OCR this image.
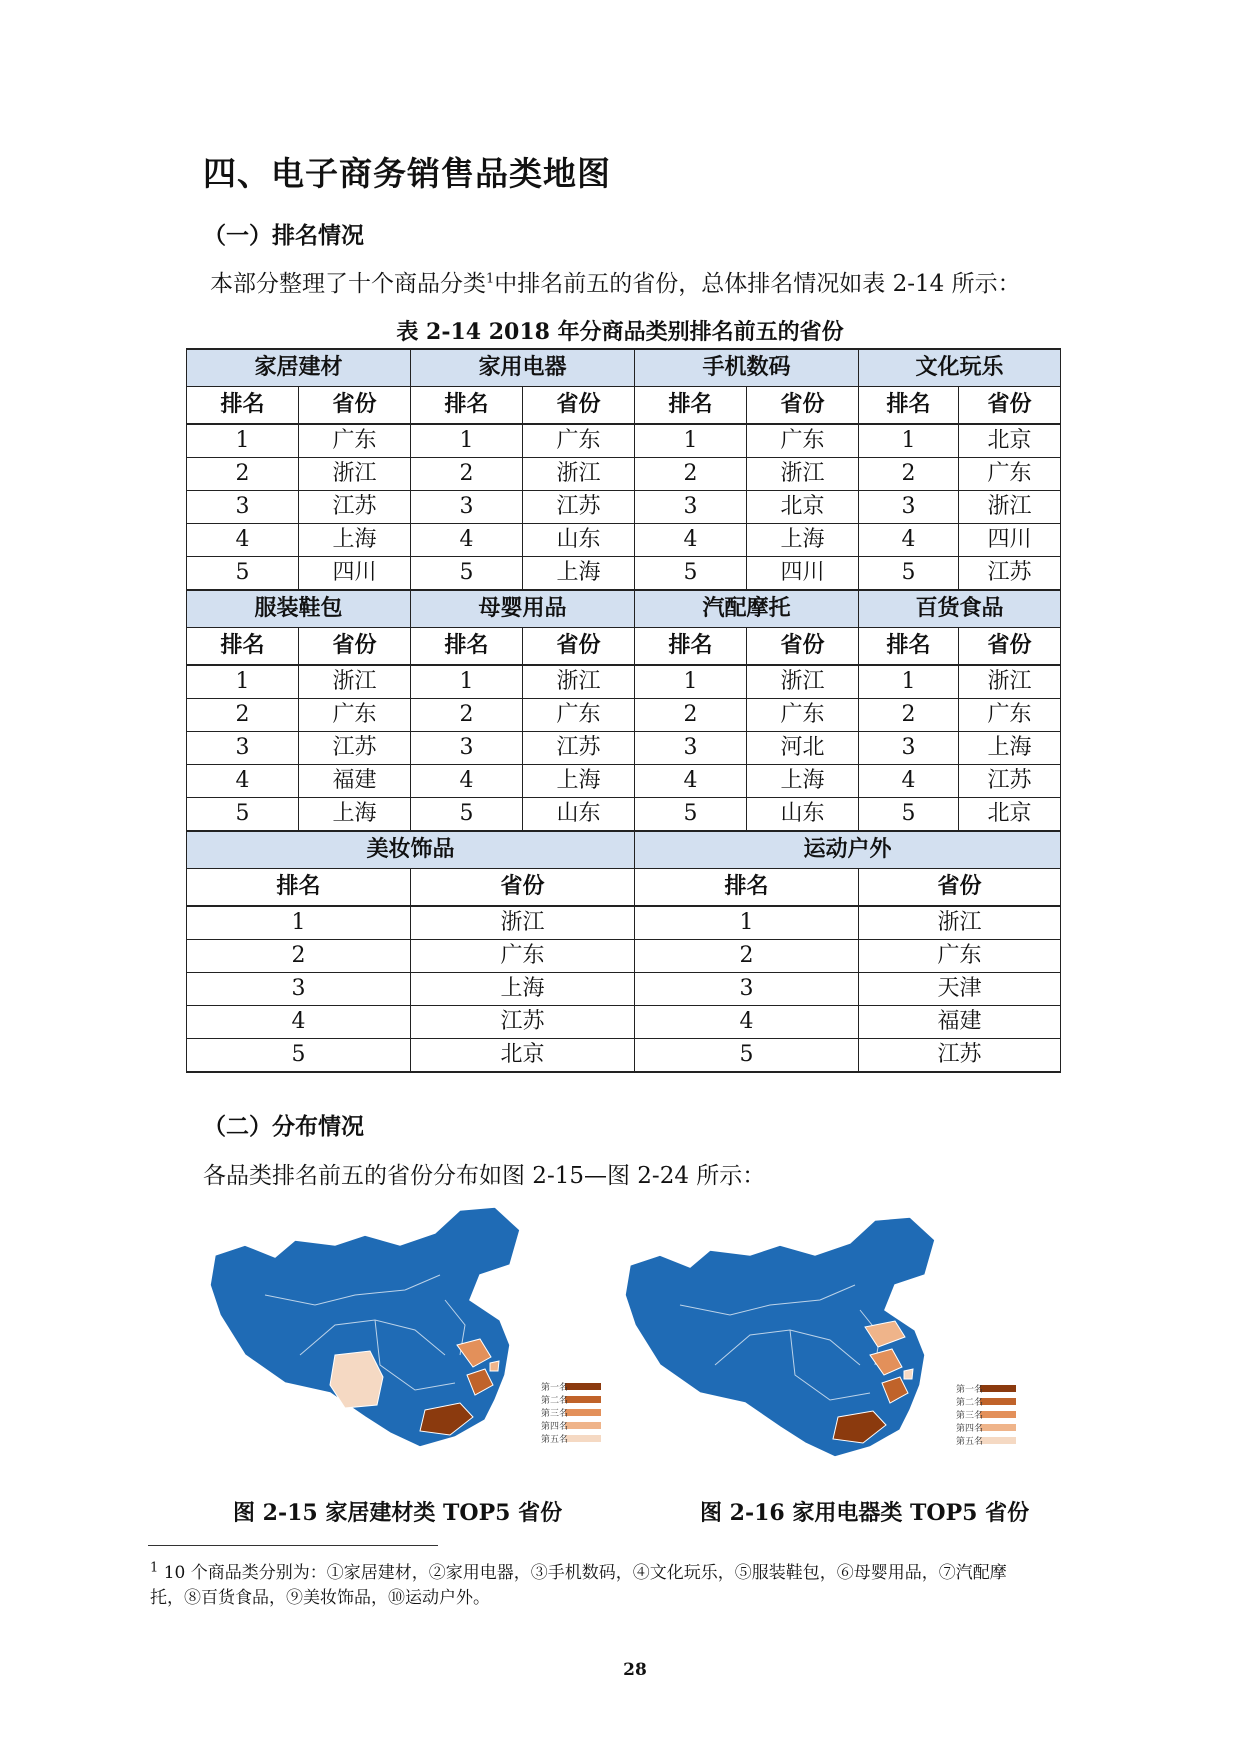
四、电子商务销售品类地图
（一）排名情况
本部分整理了十个商品分类$^1$中排名前五的省份，总体排名情况如表 2-14 所示：
表 2-14 2018 年分商品类别排名前五的省份
家居建材		家用电器		手机数码		文化玩乐	
排名	省份	排名	省份	排名	省份	排名	省份
1	广东	1	广东	1	广东	1	北京
2	浙江	2	浙江	2	浙江	2	广东
3	江苏	3	江苏	3	北京	3	浙江
4	上海	4	山东	4	上海	4	四川
5	四川	5	上海	5	四川	5	江苏
服装鞋包		母婴用品		汽配摩托		百货食品	
排名	省份	排名	省份	排名	省份	排名	省份
1	浙江	1	浙江	1	浙江	1	浙江
2	广东	2	广东	2	广东	2	广东
3	江苏	3	江苏	3	河北	3	上海
4	福建	4	上海	4	上海	4	江苏
5	上海	5	山东	5	山东	5	北京
美妆饰品				运动户外			
排名		省份		排名		省份	
1		浙江		1		浙江	
2		广东		2		广东	
3		上海		3		天津	
4		江苏		4		福建	
5		北京		5		江苏	
（二）分布情况
各品类排名前五的省份分布如图 2-15—图 2-24 所示：
第一名
第二名
第三名
第四名
第五名
第一名
第二名
第三名
第四名
第五名
图 2-15 家居建材类 TOP5 省份	图 2-16 家用电器类 TOP5 省份
$^1$ 10 个商品类分别为：①家居建材，②家用电器，③手机数码，④文化玩乐，⑤服装鞋包，⑥母婴用品，⑦汽配摩
托，⑧百货食品，⑨美妆饰品，⑩运动户外。
28
